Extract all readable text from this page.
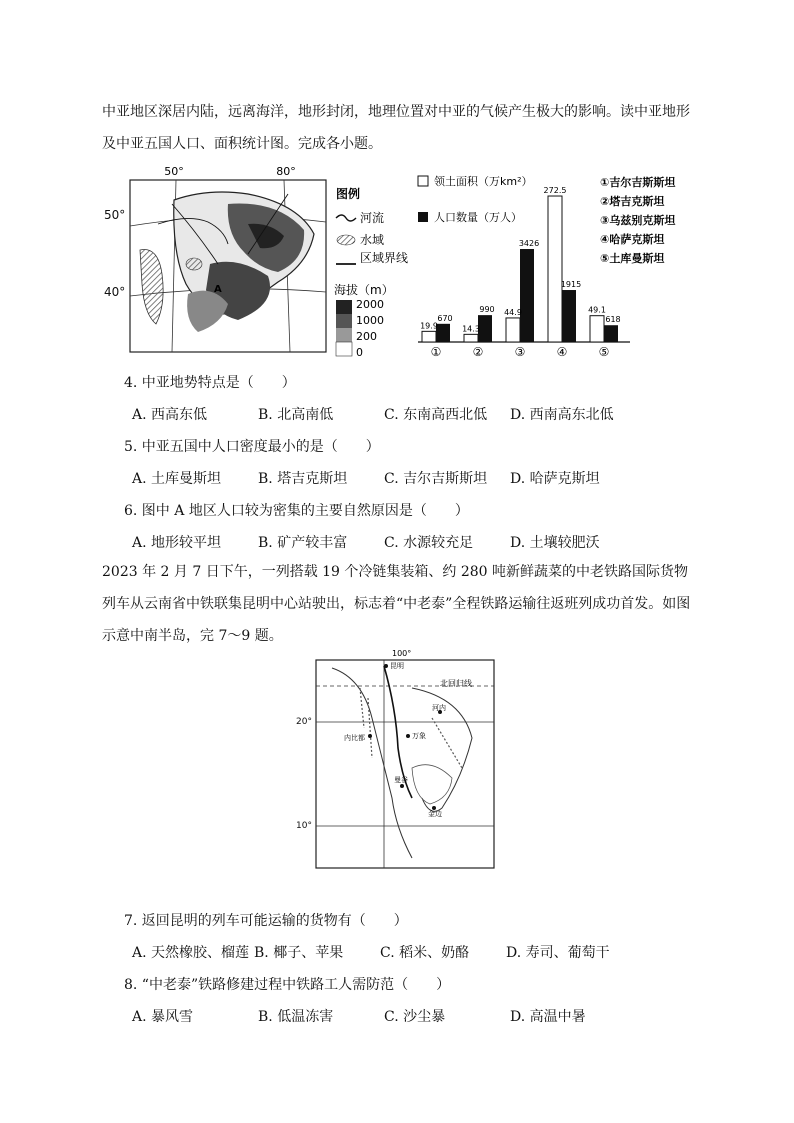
中亚地区深居内陆，远离海洋，地形封闭，地理位置对中亚的气候产生极大的影响。读中亚地形及中亚五国人口、面积统计图。完成各小题。

50°	80°
A
50°
40°
图例
河流
水域
区域界线
海拔（m）
2000
1000
200
0
领土面积（万km²）
人口数量（万人）
①吉尔吉斯斯坦
②塔吉克斯坦
③乌兹别克斯坦
④哈萨克斯坦
⑤土库曼斯坦
19.9
670
①
14.3
990
②
44.9
3426
③
272.5
1915
④
49.1
618
⑤

4. 中亚地势特点是（　　）

A. 西高东低	B. 北高南低	C. 东南高西北低	D. 西南高东北低

5. 中亚五国中人口密度最小的是（　　）

A. 土库曼斯坦	B. 塔吉克斯坦	C. 吉尔吉斯斯坦	D. 哈萨克斯坦

6. 图中 A 地区人口较为密集的主要自然原因是（　　）

A. 地形较平坦	B. 矿产较丰富	C. 水源较充足	D. 土壤较肥沃

2023 年 2 月 7 日下午，一列搭载 19 个冷链集装箱、约 280 吨新鲜蔬菜的中老铁路国际货物列车从云南省中铁联集昆明中心站驶出，标志着“中老泰”全程铁路运输往返班列成功首发。如图示意中南半岛，完 7～9 题。

昆明
河内
内比都	万象
曼谷
金边
北回归线
100°
20°
10°

7. 返回昆明的列车可能运输的货物有（　　）

A. 天然橡胶、榴莲 B. 椰子、苹果	C. 稻米、奶酪	D. 寿司、葡萄干

8. “中老泰”铁路修建过程中铁路工人需防范（　　）

A. 暴风雪	B. 低温冻害	C. 沙尘暴	D. 高温中暑
